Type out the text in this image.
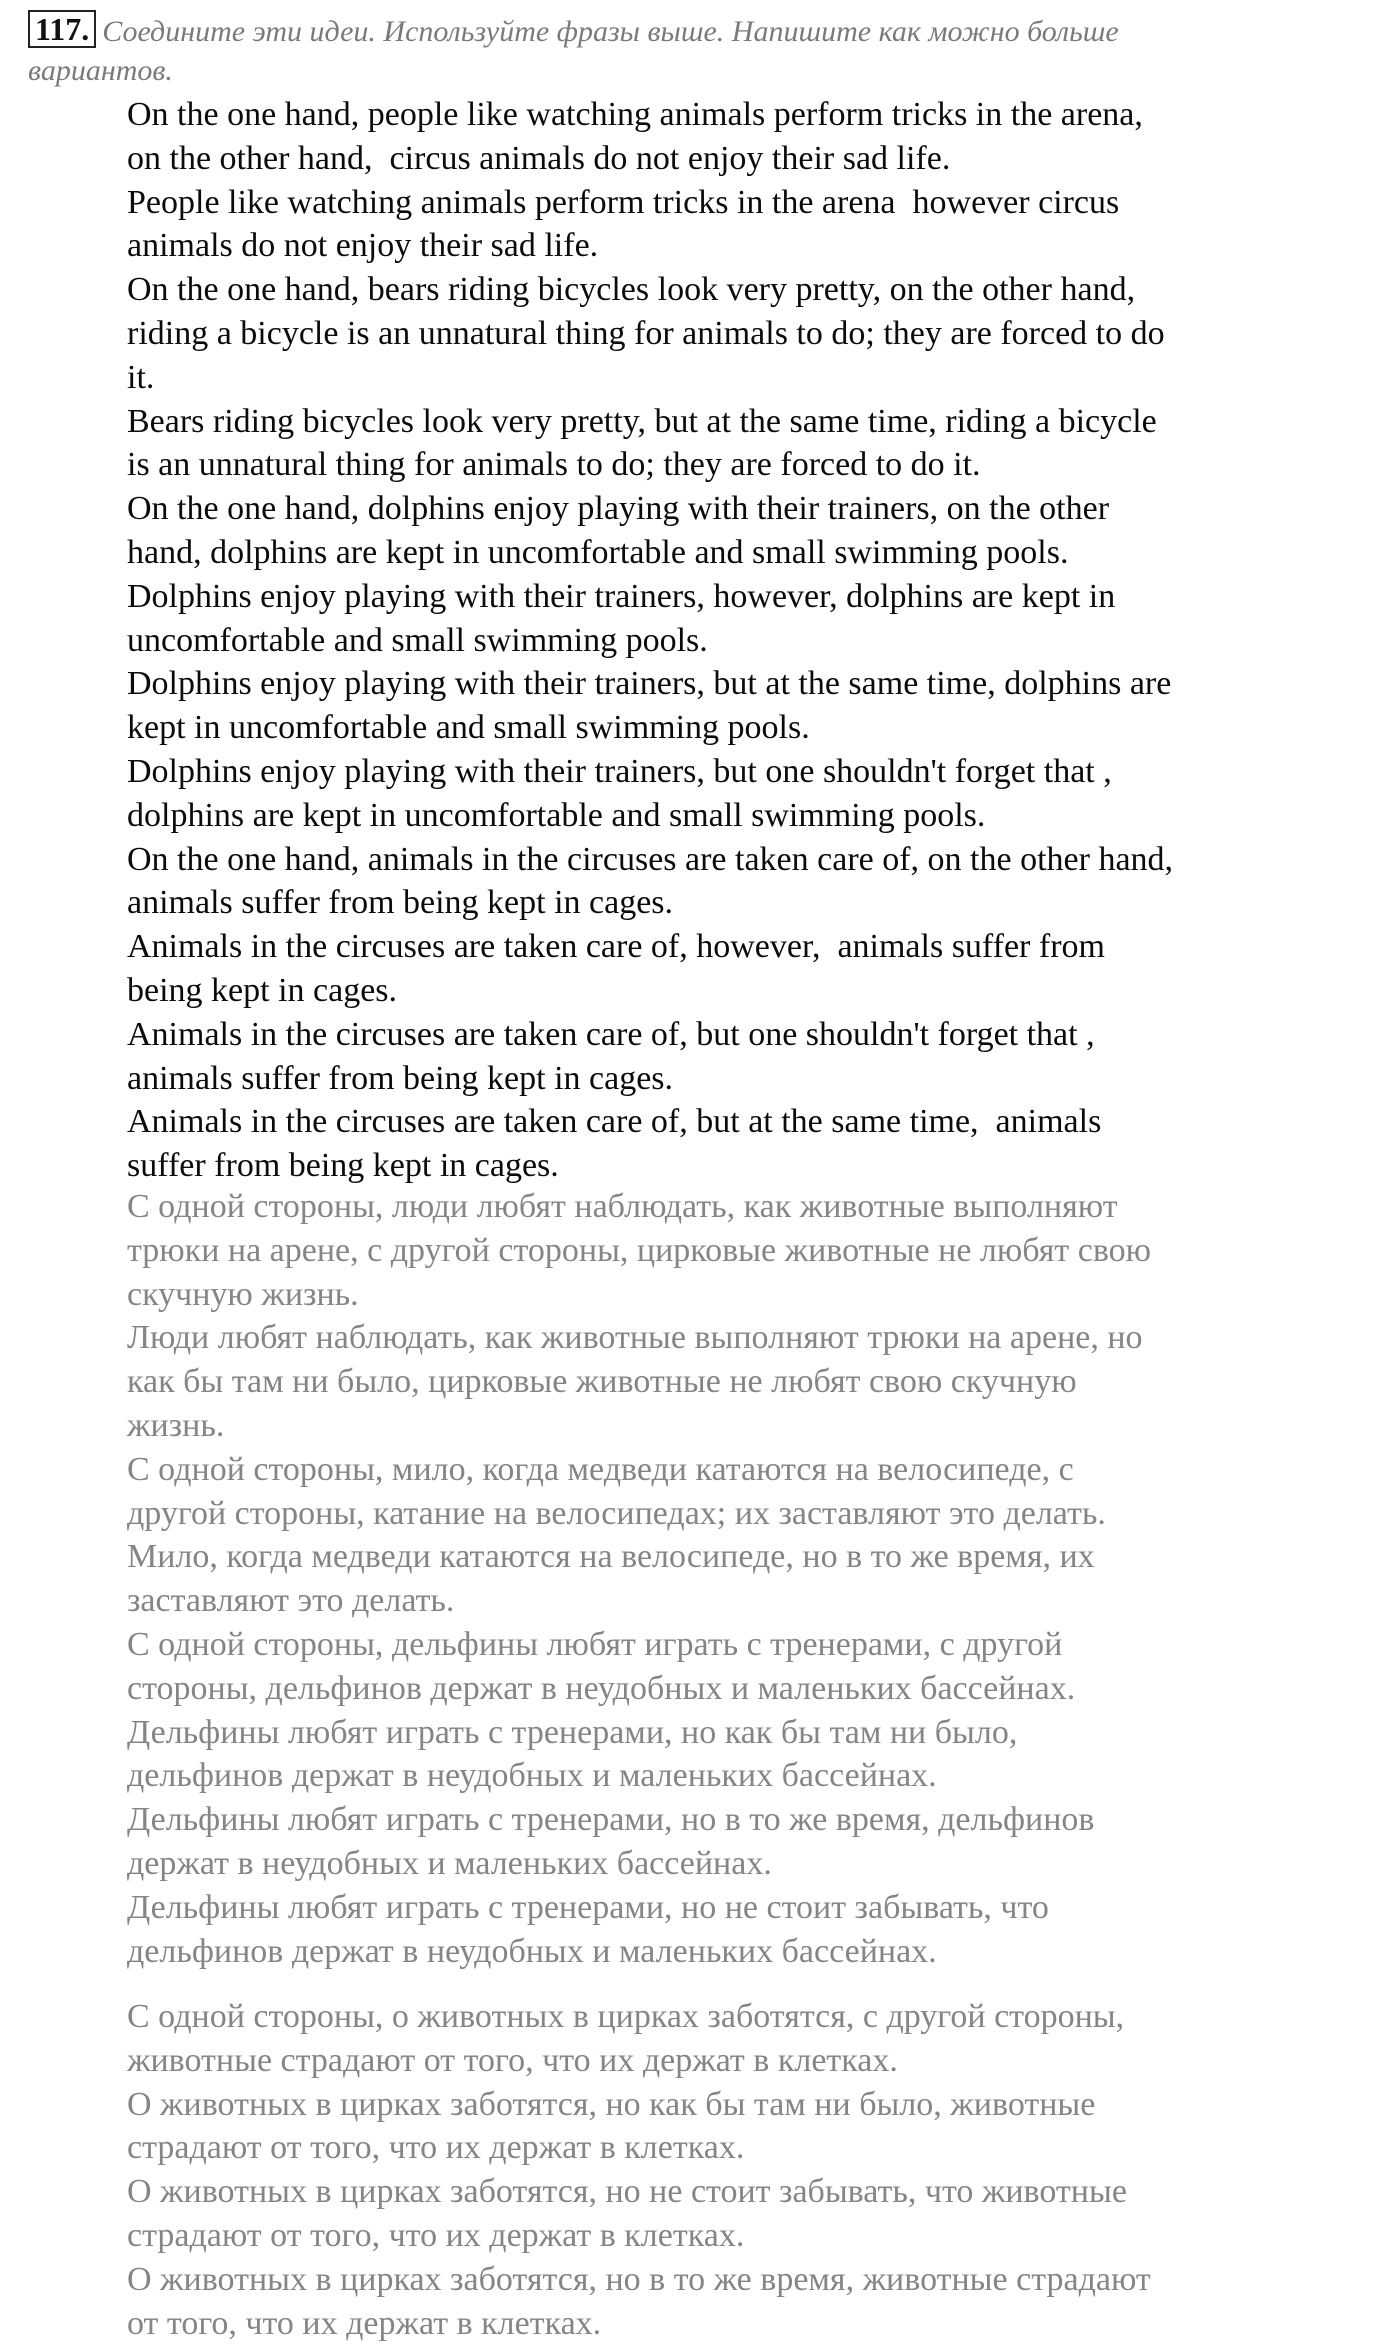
117. Соедините эти идеи. Используйте фразы выше. Напишите как можно больше
вариантов.

On the one hand, people like watching animals perform tricks in the arena,

on the other hand,  circus animals do not enjoy their sad life.

People like watching animals perform tricks in the arena  however circus

animals do not enjoy their sad life.

On the one hand, bears riding bicycles look very pretty, on the other hand,

riding a bicycle is an unnatural thing for animals to do; they are forced to do

it.

Bears riding bicycles look very pretty, but at the same time, riding a bicycle

is an unnatural thing for animals to do; they are forced to do it.

On the one hand, dolphins enjoy playing with their trainers, on the other

hand, dolphins are kept in uncomfortable and small swimming pools.

Dolphins enjoy playing with their trainers, however, dolphins are kept in

uncomfortable and small swimming pools.

Dolphins enjoy playing with their trainers, but at the same time, dolphins are

kept in uncomfortable and small swimming pools.

Dolphins enjoy playing with their trainers, but one shouldn't forget that ,

dolphins are kept in uncomfortable and small swimming pools.

On the one hand, animals in the circuses are taken care of, on the other hand,

animals suffer from being kept in cages.

Animals in the circuses are taken care of, however,  animals suffer from

being kept in cages.

Animals in the circuses are taken care of, but one shouldn't forget that ,

animals suffer from being kept in cages.

Animals in the circuses are taken care of, but at the same time,  animals

suffer from being kept in cages.

С одной стороны, люди любят наблюдать, как животные выполняют

трюки на арене, с другой стороны, цирковые животные не любят свою

скучную жизнь.

Люди любят наблюдать, как животные выполняют трюки на арене, но

как бы там ни было, цирковые животные не любят свою скучную

жизнь.

С одной стороны, мило, когда медведи катаются на велосипеде, с

другой стороны, катание на велосипедах; их заставляют это делать.

Мило, когда медведи катаются на велосипеде, но в то же время, их

заставляют это делать.

С одной стороны, дельфины любят играть с тренерами, с другой

стороны, дельфинов держат в неудобных и маленьких бассейнах.

Дельфины любят играть с тренерами, но как бы там ни было,

дельфинов держат в неудобных и маленьких бассейнах.

Дельфины любят играть с тренерами, но в то же время, дельфинов

держат в неудобных и маленьких бассейнах.

Дельфины любят играть с тренерами, но не стоит забывать, что

дельфинов держат в неудобных и маленьких бассейнах.

С одной стороны, о животных в цирках заботятся, с другой стороны,

животные страдают от того, что их держат в клетках.

О животных в цирках заботятся, но как бы там ни было, животные

страдают от того, что их держат в клетках.

О животных в цирках заботятся, но не стоит забывать, что животные

страдают от того, что их держат в клетках.

О животных в цирках заботятся, но в то же время, животные страдают

от того, что их держат в клетках.
